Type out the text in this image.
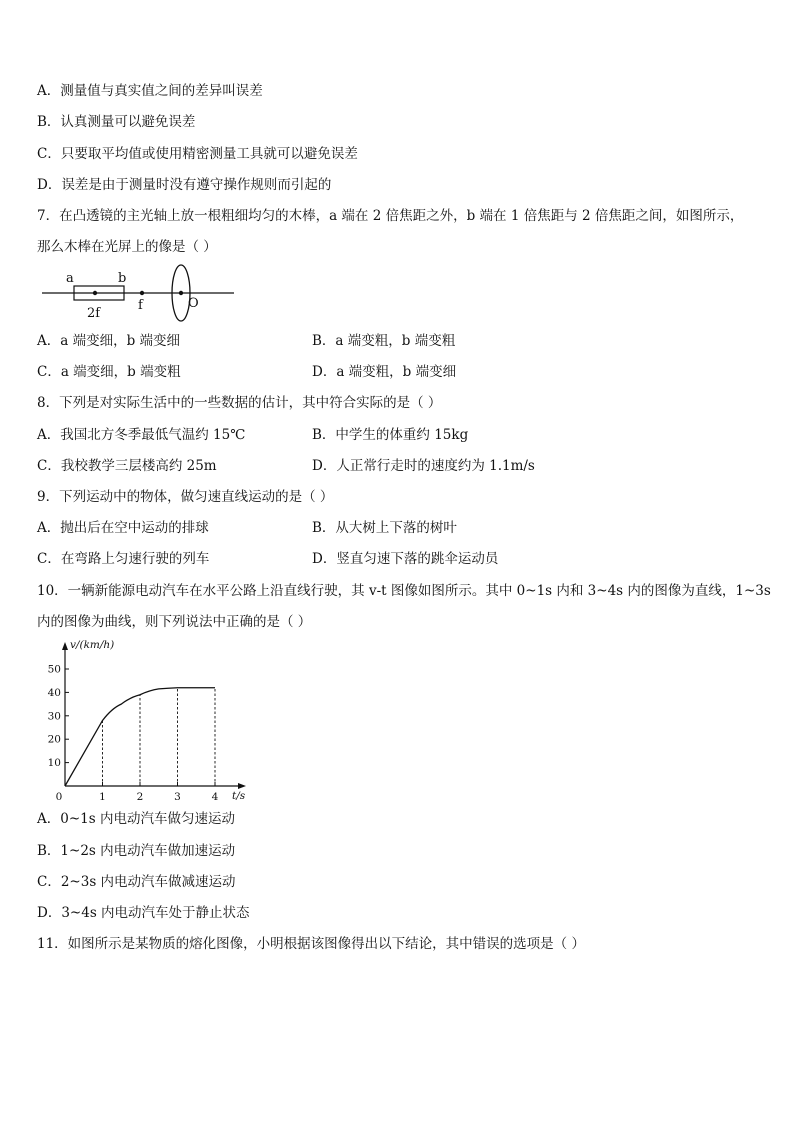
A．测量值与真实值之间的差异叫误差
B．认真测量可以避免误差
C．只要取平均值或使用精密测量工具就可以避免误差
D．误差是由于测量时没有遵守操作规则而引起的
7．在凸透镜的主光轴上放一根粗细均匀的木棒，a 端在 2 倍焦距之外，b 端在 1 倍焦距与 2 倍焦距之间，如图所示，
那么木棒在光屏上的像是（ ）
a	b
2f
f	O
A．a 端变细，b 端变细	B．a 端变粗，b 端变粗
C．a 端变细，b 端变粗	D．a 端变粗，b 端变细
8．下列是对实际生活中的一些数据的估计，其中符合实际的是（ ）
A．我国北方冬季最低气温约 15℃	B．中学生的体重约 15kg
C．我校教学三层楼高约 25m	D．人正常行走时的速度约为 1.1m/s
9．下列运动中的物体，做匀速直线运动的是（ ）
A．抛出后在空中运动的排球	B．从大树上下落的树叶
C．在弯路上匀速行驶的列车	D．竖直匀速下落的跳伞运动员
10．一辆新能源电动汽车在水平公路上沿直线行驶，其 v-t 图像如图所示。其中 0~1s 内和 3~4s 内的图像为直线，1~3s
内的图像为曲线，则下列说法中正确的是（ ）
v/(km/h)
t/s
10
20
30
40
50
0	1	2	3	4
A．0~1s 内电动汽车做匀速运动
B．1~2s 内电动汽车做加速运动
C．2~3s 内电动汽车做减速运动
D．3~4s 内电动汽车处于静止状态
11．如图所示是某物质的熔化图像，小明根据该图像得出以下结论，其中错误的选项是（ ）
